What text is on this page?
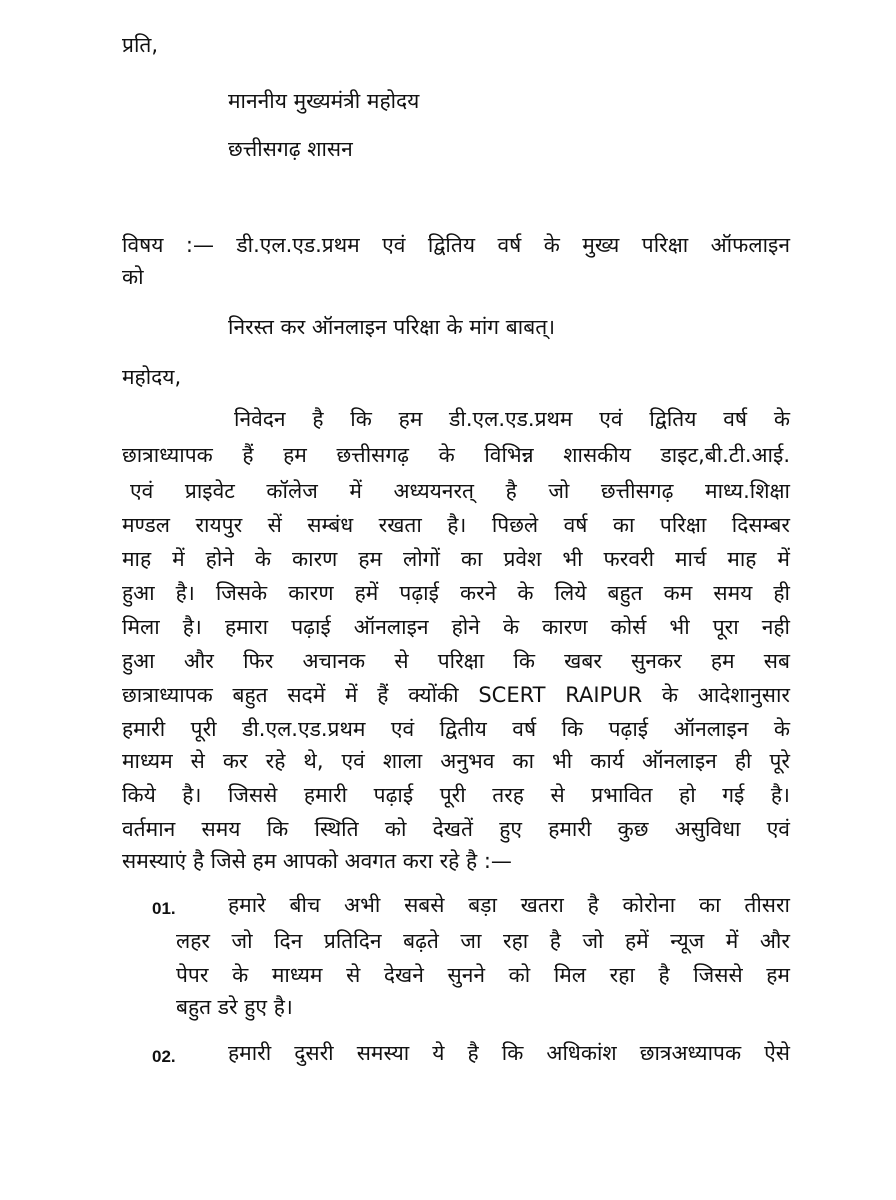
प्रति,

माननीय मुख्यमंत्री महोदय

छत्तीसगढ़ शासन

विषय :— डी.एल.एड.प्रथम एवं द्वितिय वर्ष के मुख्य परिक्षा ऑफलाइन

को

निरस्त कर ऑनलाइन परिक्षा के मांग बाबत्।

महोदय,

निवेदन है कि हम डी.एल.एड.प्रथम एवं द्वितिय वर्ष के

छात्राध्यापक हैं हम छत्तीसगढ़ के विभिन्न शासकीय डाइट,बी.टी.आई.

एवं प्राइवेट कॉलेज में अध्ययनरत् है जो छत्तीसगढ़ माध्य.शिक्षा

मण्डल रायपुर सें सम्बंध रखता है। पिछले वर्ष का परिक्षा दिसम्बर

माह में होने के कारण हम लोगों का प्रवेश भी फरवरी मार्च माह में

हुआ है। जिसके कारण हमें पढ़ाई करने के लिये बहुत कम समय ही

मिला है। हमारा पढ़ाई ऑनलाइन होने के कारण कोर्स भी पूरा नही

हुआ और फिर अचानक से परिक्षा कि खबर सुनकर हम सब

छात्राध्यापक बहुत सदमें में हैं क्योंकी SCERT RAIPUR के आदेशानुसार

हमारी पूरी डी.एल.एड.प्रथम एवं द्वितीय वर्ष कि पढ़ाई ऑनलाइन के

माध्यम से कर रहे थे, एवं शाला अनुभव का भी कार्य ऑनलाइन ही पूरे

किये है। जिससे हमारी पढ़ाई पूरी तरह से प्रभावित हो गई है।

वर्तमान समय कि स्थिति को देखतें हुए हमारी कुछ असुविधा एवं

समस्याएं है जिसे हम आपको अवगत करा रहे है :—

01. हमारे बीच अभी सबसे बड़ा खतरा है कोरोना का तीसरा

लहर जो दिन प्रतिदिन बढ़ते जा रहा है जो हमें न्यूज में और

पेपर के माध्यम से देखने सुनने को मिल रहा है जिससे हम

बहुत डरे हुए है।

02. हमारी दुसरी समस्या ये है कि अधिकांश छात्रअध्यापक ऐसे
